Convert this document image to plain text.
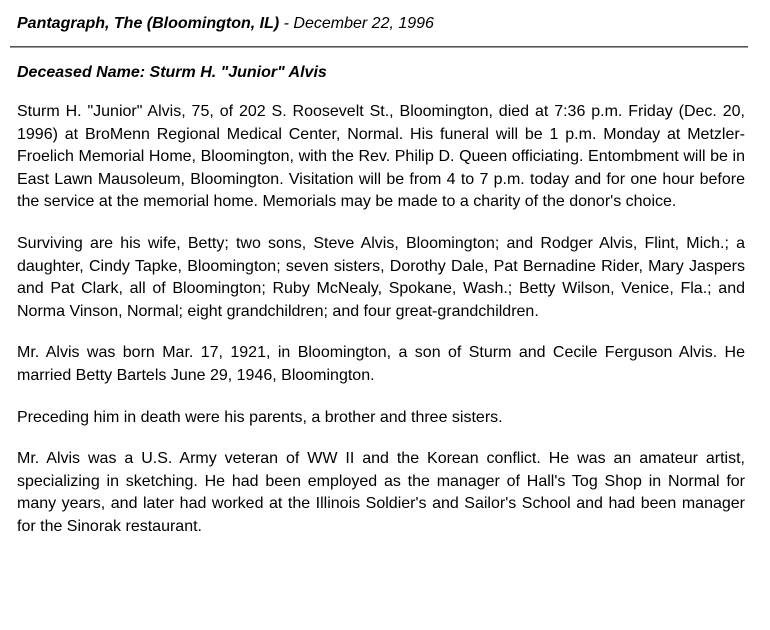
Pantagraph, The (Bloomington, IL) - December 22, 1996
Deceased Name: Sturm H. "Junior" Alvis

Sturm H. "Junior" Alvis, 75, of 202 S. Roosevelt St., Bloomington, died at 7:36 p.m. Friday (Dec. 20, 1996) at BroMenn Regional Medical Center, Normal. His funeral will be 1 p.m. Monday at Metzler-Froelich Memorial Home, Bloomington, with the Rev. Philip D. Queen officiating. Entombment will be in East Lawn Mausoleum, Bloomington. Visitation will be from 4 to 7 p.m. today and for one hour before the service at the memorial home. Memorials may be made to a charity of the donor's choice.

Surviving are his wife, Betty; two sons, Steve Alvis, Bloomington; and Rodger Alvis, Flint, Mich.; a daughter, Cindy Tapke, Bloomington; seven sisters, Dorothy Dale, Pat Bernadine Rider, Mary Jaspers and Pat Clark, all of Bloomington; Ruby McNealy, Spokane, Wash.; Betty Wilson, Venice, Fla.; and Norma Vinson, Normal; eight grandchildren; and four great-grandchildren.

Mr. Alvis was born Mar. 17, 1921, in Bloomington, a son of Sturm and Cecile Ferguson Alvis. He married Betty Bartels June 29, 1946, Bloomington.

Preceding him in death were his parents, a brother and three sisters.

Mr. Alvis was a U.S. Army veteran of WW II and the Korean conflict. He was an amateur artist, specializing in sketching. He had been employed as the manager of Hall's Tog Shop in Normal for many years, and later had worked at the Illinois Soldier's and Sailor's School and had been manager for the Sinorak restaurant.
